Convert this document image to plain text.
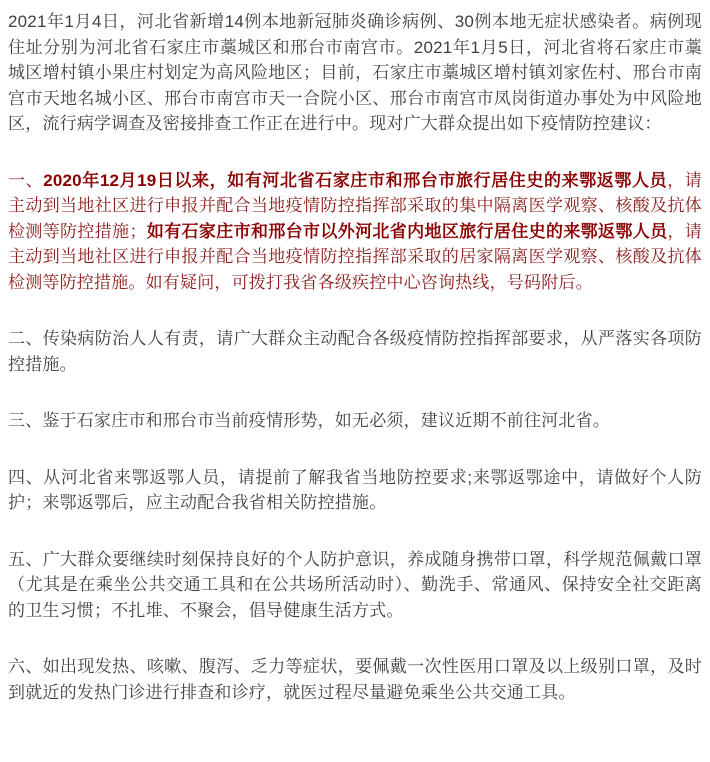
2021年1月4日，河北省新增14例本地新冠肺炎确诊病例、30例本地无症状感染者。病例现住址分别为河北省石家庄市藁城区和邢台市南宫市。2021年1月5日，河北省将石家庄市藁城区增村镇小果庄村划定为高风险地区；目前，石家庄市藁城区增村镇刘家佐村、邢台市南宫市天地名城小区、邢台市南宫市天一合院小区、邢台市南宫市凤岗街道办事处为中风险地区，流行病学调查及密接排查工作正在进行中。现对广大群众提出如下疫情防控建议：

一、2020年12月19日以来，如有河北省石家庄市和邢台市旅行居住史的来鄂返鄂人员，请主动到当地社区进行申报并配合当地疫情防控指挥部采取的集中隔离医学观察、核酸及抗体检测等防控措施；如有石家庄市和邢台市以外河北省内地区旅行居住史的来鄂返鄂人员，请主动到当地社区进行申报并配合当地疫情防控指挥部采取的居家隔离医学观察、核酸及抗体检测等防控措施。如有疑问，可拨打我省各级疾控中心咨询热线，号码附后。

二、传染病防治人人有责，请广大群众主动配合各级疫情防控指挥部要求，从严落实各项防控措施。

三、鉴于石家庄市和邢台市当前疫情形势，如无必须，建议近期不前往河北省。

四、从河北省来鄂返鄂人员，请提前了解我省当地防控要求;来鄂返鄂途中，请做好个人防护；来鄂返鄂后，应主动配合我省相关防控措施。

五、广大群众要继续时刻保持良好的个人防护意识，养成随身携带口罩，科学规范佩戴口罩（尤其是在乘坐公共交通工具和在公共场所活动时）、勤洗手、常通风、保持安全社交距离的卫生习惯；不扎堆、不聚会，倡导健康生活方式。

六、如出现发热、咳嗽、腹泻、乏力等症状，要佩戴一次性医用口罩及以上级别口罩，及时到就近的发热门诊进行排查和诊疗，就医过程尽量避免乘坐公共交通工具。
